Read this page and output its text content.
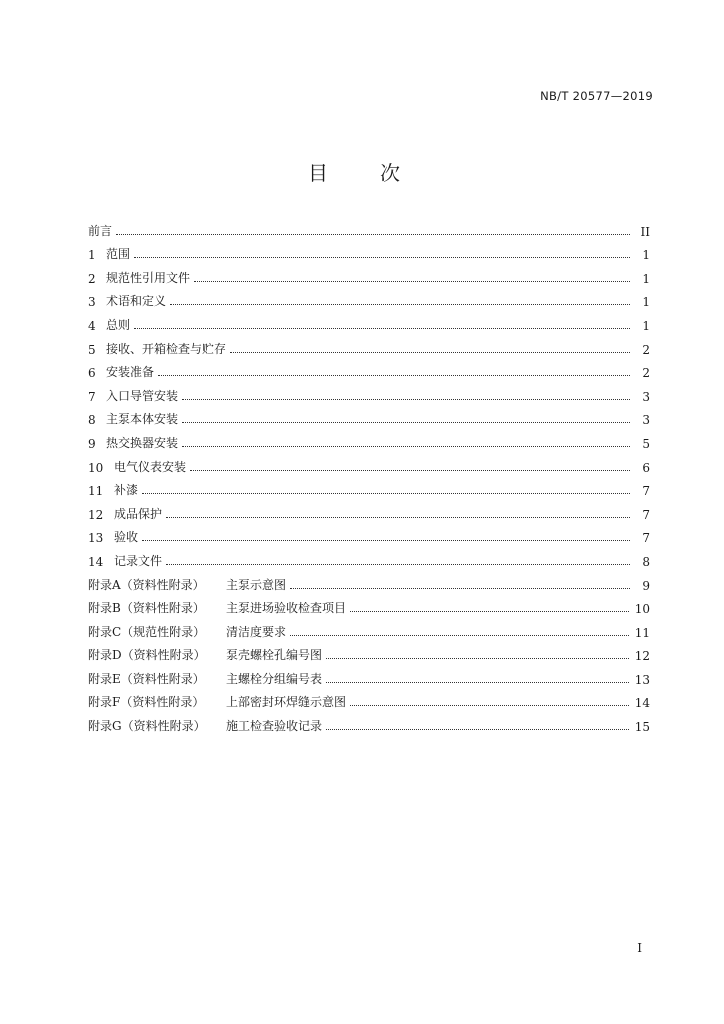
NB/T 20577—2019
目　次
前言	II
1 范围	1
2 规范性引用文件	1
3 术语和定义	1
4 总则	1
5 接收、开箱检查与贮存	2
6 安装准备	2
7 入口导管安装	3
8 主泵本体安装	3
9 热交换器安装	5
10 电气仪表安装	6
11 补漆	7
12 成品保护	7
13 验收	7
14 记录文件	8
附录A（资料性附录）	主泵示意图	9
附录B（资料性附录）	主泵进场验收检查项目	10
附录C（规范性附录）	清洁度要求	11
附录D（资料性附录）	泵壳螺栓孔编号图	12
附录E（资料性附录）	主螺栓分组编号表	13
附录F（资料性附录）	上部密封环焊缝示意图	14
附录G（资料性附录）	施工检查验收记录	15
I
